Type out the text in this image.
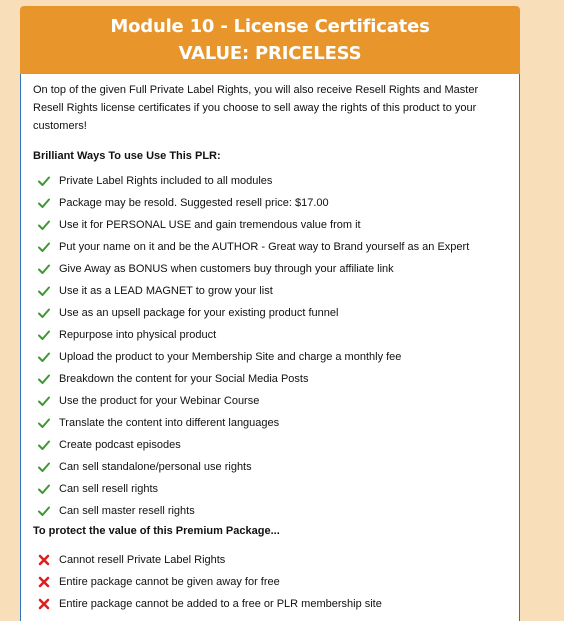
Module 10 - License Certificates
VALUE: PRICELESS

On top of the given Full Private Label Rights, you will also receive Resell Rights and Master Resell Rights license certificates if you choose to sell away the rights of this product to your customers!

Brilliant Ways To use Use This PLR:

Private Label Rights included to all modules
Package may be resold. Suggested resell price: $17.00
Use it for PERSONAL USE and gain tremendous value from it
Put your name on it and be the AUTHOR - Great way to Brand yourself as an Expert
Give Away as BONUS when customers buy through your affiliate link
Use it as a LEAD MAGNET to grow your list
Use as an upsell package for your existing product funnel
Repurpose into physical product
Upload the product to your Membership Site and charge a monthly fee
Breakdown the content for your Social Media Posts
Use the product for your Webinar Course
Translate the content into different languages
Create podcast episodes
Can sell standalone/personal use rights
Can sell resell rights
Can sell master resell rights

To protect the value of this Premium Package...

Cannot resell Private Label Rights
Entire package cannot be given away for free
Entire package cannot be added to a free or PLR membership site
